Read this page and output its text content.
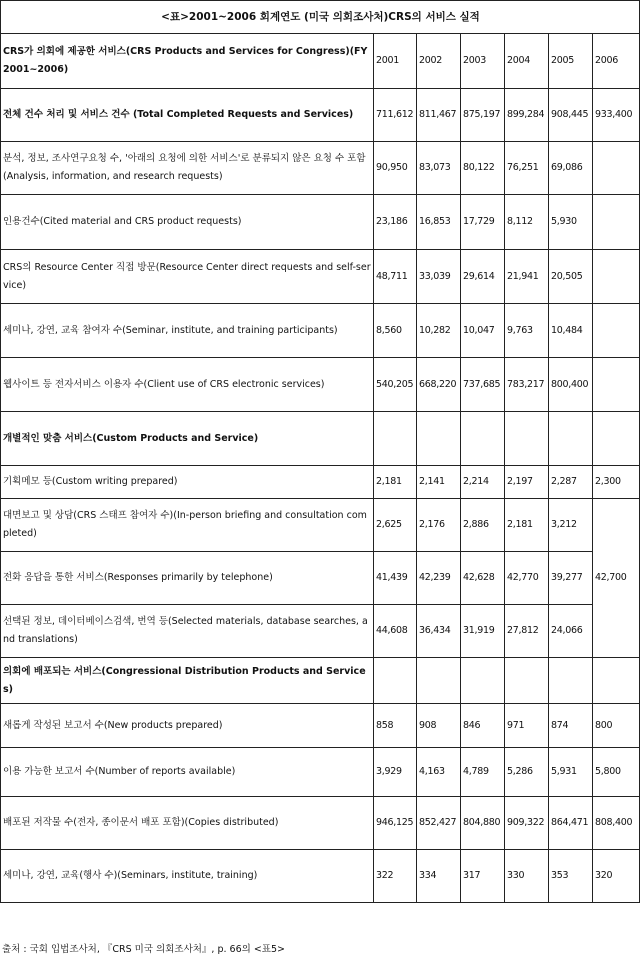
<표>2001~2006 회계연도 (미국 의회조사처)CRS의 서비스 실적						
CRS가 의회에 제공한 서비스(CRS Products and Services for Congress)(FY 2001~2006)	2001	2002	2003	2004	2005	2006
전체 건수 처리 및 서비스 건수 (Total Completed Requests and Services)	711,612	811,467	875,197	899,284	908,445	933,400
분석, 정보, 조사연구요청 수, '아래의 요청에 의한 서비스'로 분류되지 않은 요청 수 포함(Analysis, information, and research requests)	90,950	83,073	80,122	76,251	69,086	
인용건수(Cited material and CRS product requests)	23,186	16,853	17,729	8,112	5,930	
CRS의 Resource Center 직접 방문(Resource Center direct requests and self-service)	48,711	33,039	29,614	21,941	20,505	
세미나, 강연, 교육 참여자 수(Seminar, institute, and training participants)	8,560	10,282	10,047	9,763	10,484	
웹사이트 등 전자서비스 이용자 수(Client use of CRS electronic services)	540,205	668,220	737,685	783,217	800,400	
개별적인 맞춤 서비스(Custom Products and Service)						
기획메모 등(Custom writing prepared)	2,181	2,141	2,214	2,197	2,287	2,300
대면보고 및 상담(CRS 스태프 참여자 수)(In-person briefing and consultation completed)	2,625	2,176	2,886	2,181	3,212	42,700
전화 응답을 통한 서비스(Responses primarily by telephone)	41,439	42,239	42,628	42,770	39,277	
선택된 정보, 데이터베이스검색, 번역 등(Selected materials, database searches, and translations)	44,608	36,434	31,919	27,812	24,066	
의회에 배포되는 서비스(Congressional Distribution Products and Services)						
새롭게 작성된 보고서 수(New products prepared)	858	908	846	971	874	800
이용 가능한 보고서 수(Number of reports available)	3,929	4,163	4,789	5,286	5,931	5,800
배포된 저작물 수(전자, 종이문서 배포 포함)(Copies distributed)	946,125	852,427	804,880	909,322	864,471	808,400
세미나, 강연, 교육(행사 수)(Seminars, institute, training)	322	334	317	330	353	320
출처 : 국회 입법조사처, 『CRS 미국 의회조사처』, p. 66의 <표5>
